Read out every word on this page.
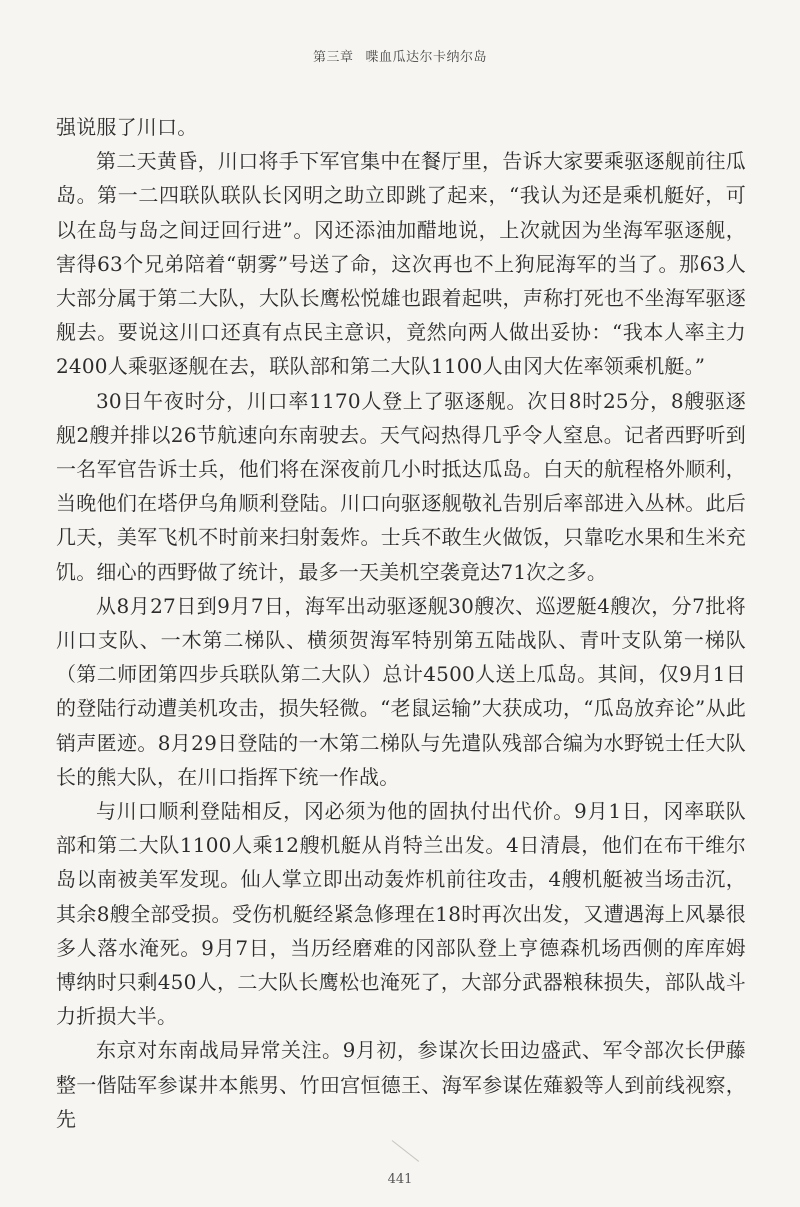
第三章 喋血瓜达尔卡纳尔岛

强说服了川口。

第二天黄昏，川口将手下军官集中在餐厅里，告诉大家要乘驱逐舰前往瓜岛。第一二四联队联队长冈明之助立即跳了起来，“我认为还是乘机艇好，可以在岛与岛之间迂回行进”。冈还添油加醋地说，上次就因为坐海军驱逐舰，害得63个兄弟陪着“朝雾”号送了命，这次再也不上狗屁海军的当了。那63人大部分属于第二大队，大队长鹰松悦雄也跟着起哄，声称打死也不坐海军驱逐舰去。要说这川口还真有点民主意识，竟然向两人做出妥协：“我本人率主力2400人乘驱逐舰在去，联队部和第二大队1100人由冈大佐率领乘机艇。”

30日午夜时分，川口率1170人登上了驱逐舰。次日8时25分，8艘驱逐舰2艘并排以26节航速向东南驶去。天气闷热得几乎令人窒息。记者西野听到一名军官告诉士兵，他们将在深夜前几小时抵达瓜岛。白天的航程格外顺利，当晚他们在塔伊乌角顺利登陆。川口向驱逐舰敬礼告别后率部进入丛林。此后几天，美军飞机不时前来扫射轰炸。士兵不敢生火做饭，只靠吃水果和生米充饥。细心的西野做了统计，最多一天美机空袭竟达71次之多。

从8月27日到9月7日，海军出动驱逐舰30艘次、巡逻艇4艘次，分7批将川口支队、一木第二梯队、横须贺海军特别第五陆战队、青叶支队第一梯队（第二师团第四步兵联队第二大队）总计4500人送上瓜岛。其间，仅9月1日的登陆行动遭美机攻击，损失轻微。“老鼠运输”大获成功，“瓜岛放弃论”从此销声匿迹。8月29日登陆的一木第二梯队与先遣队残部合编为水野锐士任大队长的熊大队，在川口指挥下统一作战。

与川口顺利登陆相反，冈必须为他的固执付出代价。9月1日，冈率联队部和第二大队1100人乘12艘机艇从肖特兰出发。4日清晨，他们在布干维尔岛以南被美军发现。仙人掌立即出动轰炸机前往攻击，4艘机艇被当场击沉，其余8艘全部受损。受伤机艇经紧急修理在18时再次出发，又遭遇海上风暴很多人落水淹死。9月7日，当历经磨难的冈部队登上亨德森机场西侧的库库姆博纳时只剩450人，二大队长鹰松也淹死了，大部分武器粮秣损失，部队战斗力折损大半。

东京对东南战局异常关注。9月初，参谋次长田边盛武、军令部次长伊藤整一偕陆军参谋井本熊男、竹田宫恒德王、海军参谋佐薙毅等人到前线视察，先

441
